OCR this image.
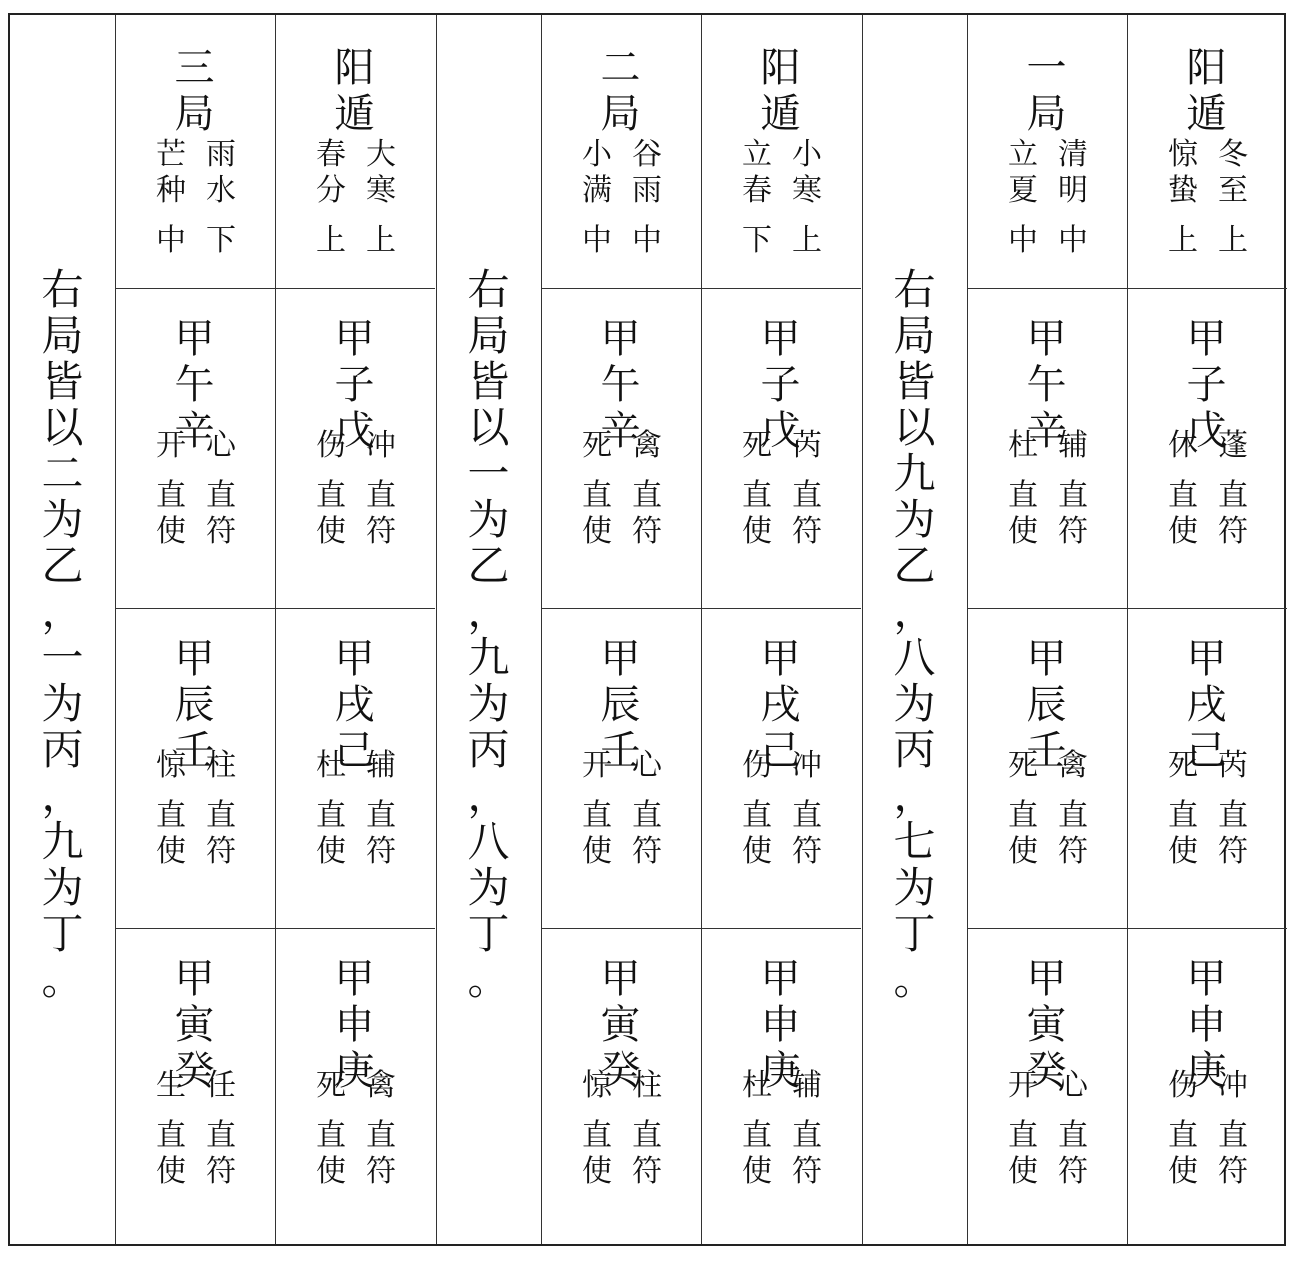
右
局
皆
以
二
为
乙
，
一
为
丙
，
九
为
丁
。
三
局
芒 雨
种 水
中 下
阳
遁
春 大
分 寒
上 上
甲
午
辛
开 心
直 直
使 符
甲
子
戊
伤 冲
直 直
使 符
甲
辰
壬
惊 柱
直 直
使 符
甲
戌
己
杜 辅
直 直
使 符
甲
寅
癸
生 任
直 直
使 符
甲
申
庚
死 禽
直 直
使 符
右
局
皆
以
一
为
乙
，
九
为
丙
，
八
为
丁
。
二
局
小 谷
满 雨
中 中
阳
遁
立 小
春 寒
下 上
甲
午
辛
死 禽
直 直
使 符
甲
子
戊
死 芮
直 直
使 符
甲
辰
壬
开 心
直 直
使 符
甲
戌
己
伤 冲
直 直
使 符
甲
寅
癸
惊 柱
直 直
使 符
甲
申
庚
杜 辅
直 直
使 符
右
局
皆
以
九
为
乙
，
八
为
丙
，
七
为
丁
。
一
局
立 清
夏 明
中 中
阳
遁
惊 冬
蛰 至
上 上
甲
午
辛
杜 辅
直 直
使 符
甲
子
戊
休 蓬
直 直
使 符
甲
辰
壬
死 禽
直 直
使 符
甲
戌
己
死 芮
直 直
使 符
甲
寅
癸
开 心
直 直
使 符
甲
申
庚
伤 冲
直 直
使 符
